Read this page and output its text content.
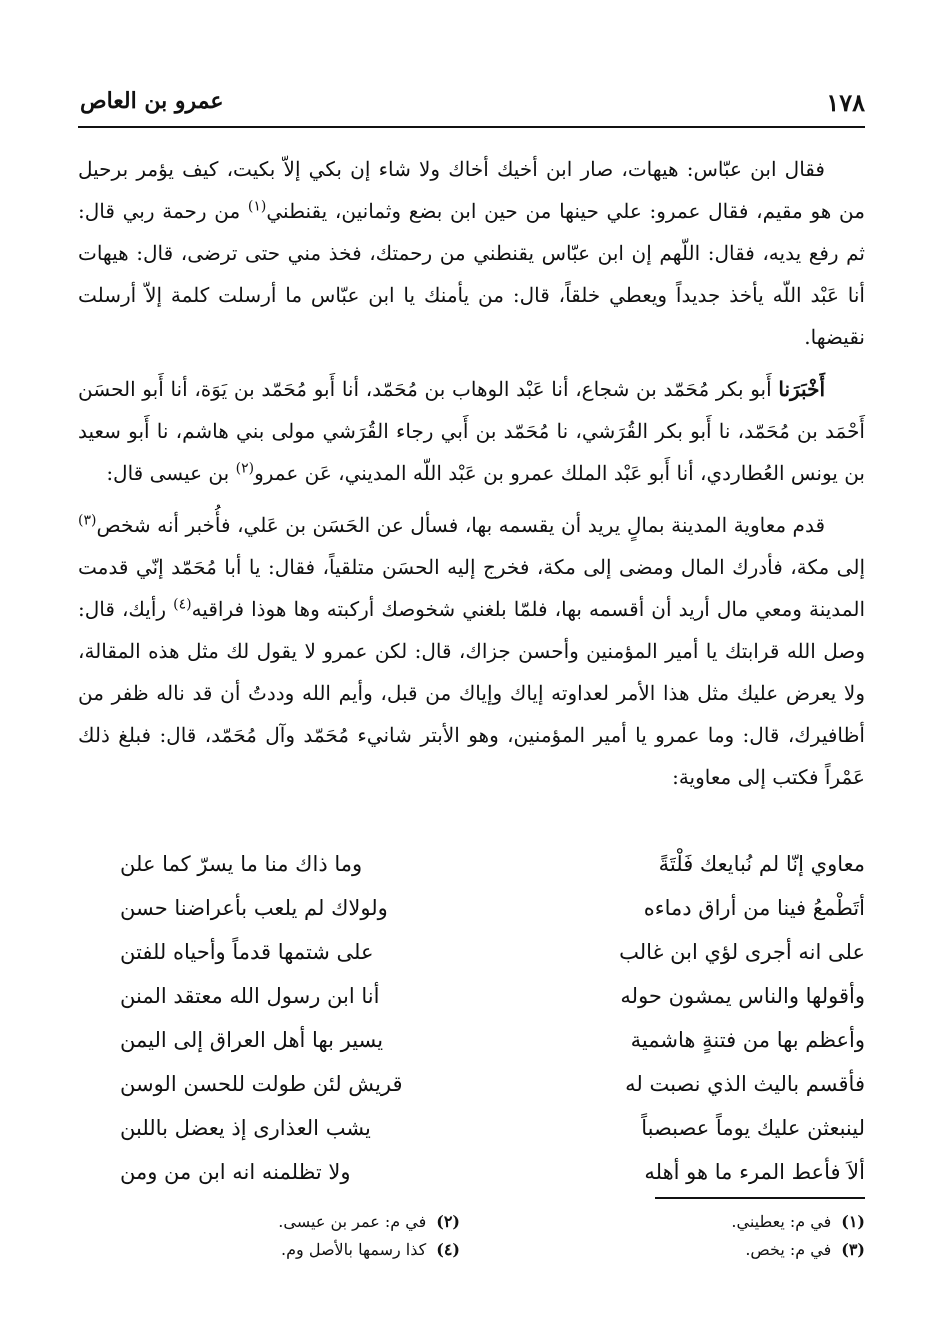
١٧٨
عمرو بن العاص

فقال ابن عبّاس: هيهات، صار ابن أخيك أخاك ولا شاء إن بكي إلاّ بكيت، كيف يؤمر برحيل من هو مقيم، فقال عمرو: علي حينها من حين ابن بضع وثمانين، يقنطني$^{(١)}$ من رحمة ربي قال: ثم رفع يديه، فقال: اللّهم إن ابن عبّاس يقنطني من رحمتك، فخذ مني حتى ترضى، قال: هيهات أنا عَبْد اللّه يأخذ جديداً ويعطي خلقاً، قال: من يأمنك يا ابن عبّاس ما أرسلت كلمة إلاّ أرسلت نقيضها.

أَخْبَرَنا أَبو بكر مُحَمّد بن شجاع، أنا عَبْد الوهاب بن مُحَمّد، أنا أَبو مُحَمّد بن يَوَة، أنا أَبو الحسَن أَحْمَد بن مُحَمّد، نا أَبو بكر القُرَشي، نا مُحَمّد بن أَبي رجاء القُرَشي مولى بني هاشم، نا أَبو سعيد بن يونس العُطاردي، أنا أَبو عَبْد الملك عمرو بن عَبْد اللّه المديني، عَن عمرو$^{(٢)}$ بن عيسى قال:

قدم معاوية المدينة بمالٍ يريد أن يقسمه بها، فسأل عن الحَسَن بن عَلي، فأُخبر أنه شخص$^{(٣)}$ إلى مكة، فأدرك المال ومضى إلى مكة، فخرج إليه الحسَن متلقياً، فقال: يا أبا مُحَمّد إنّي قدمت المدينة ومعي مال أريد أن أقسمه بها، فلمّا بلغني شخوصك أركبته وها هوذا فراقيه$^{(٤)}$ رأيك، قال: وصل الله قرابتك يا أمير المؤمنين وأحسن جزاك، قال: لكن عمرو لا يقول لك مثل هذه المقالة، ولا يعرض عليك مثل هذا الأمر لعداوته إياك وإياك من قبل، وأيم الله وددتُ أن قد ناله ظفر من أظافيرك، قال: وما عمرو يا أمير المؤمنين، وهو الأبتر شانيء مُحَمّد وآل مُحَمّد، قال: فبلغ ذلك عَمْراً فكتب إلى معاوية:

معاوي إنّا لم نُبايعك فَلْتَةً
وما ذاك منا ما يسرّ كما علن
أتَطْمعُ فينا من أراق دماءه
ولولاك لم يلعب بأعراضنا حسن
على انه أجرى لؤي ابن غالب
على شتمها قدماً وأحياه للفتن
وأقولها والناس يمشون حوله
أنا ابن رسول الله معتقد المنن
وأعظم بها من فتنةٍ هاشمية
يسير بها أهل العراق إلى اليمن
فأقسم باليث الذي نصبت له
قريش لئن طولت للحسن الوسن
لينبعثن عليك يوماً عصبصباً
يشب العذارى إذ يعضل باللبن
ألاَ فأعط المرء ما هو أهله
ولا تظلمنه انه ابن من ومن
(١)في م: يعطيني.
(٢)في م: عمر بن عيسى.
(٣)في م: يخص.
(٤)كذا رسمها بالأصل وم.
